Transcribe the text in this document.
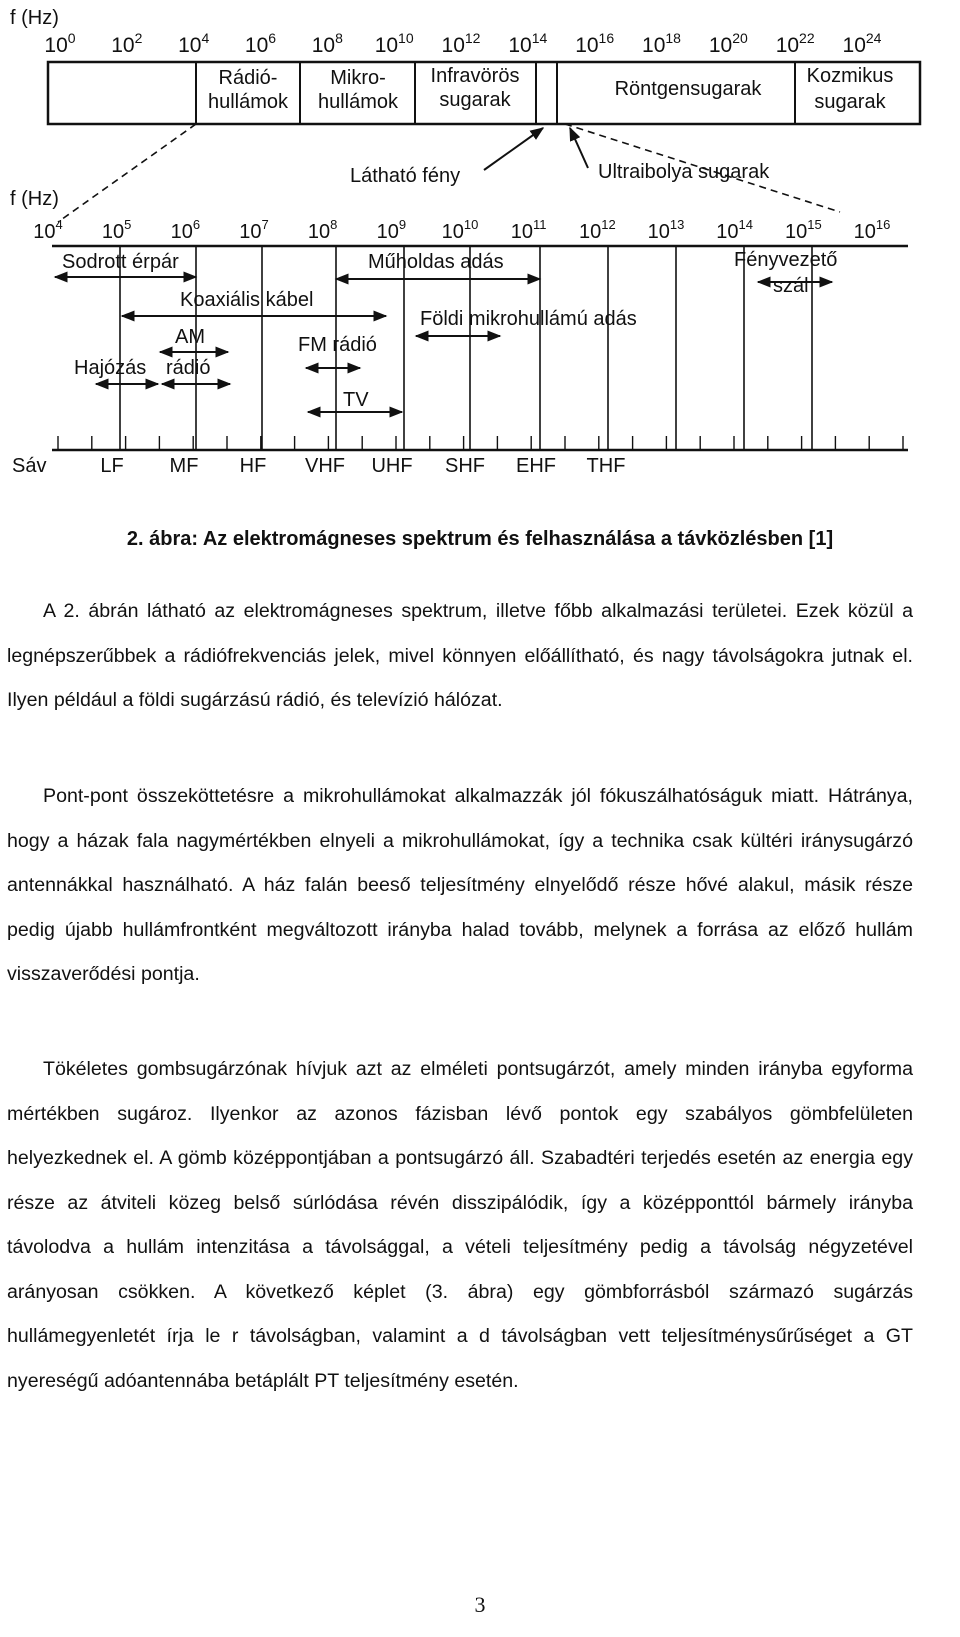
f (Hz)
$10^0$ $10^2$ $10^4$ $10^6$ $10^8$ $10^{10}$ $10^{12}$ $10^{14}$ $10^{16}$ $10^{18}$ $10^{20}$ $10^{22}$ $10^{24}$
Rádió-
hullámok
Mikro-
hullámok
Infravörös
sugarak	Röntgensugarak
Kozmikus
sugarak
Látható fény	Ultraibolya sugarak
f (Hz)
$10^4$ $10^5$ $10^6$ $10^7$ $10^8$ $10^9$ $10^{10}$ $10^{11}$ $10^{12}$ $10^{13}$ $10^{14}$ $10^{15}$ $10^{16}$
Sodrott érpár	Műholdas adás	Fényvezető
szál
Koaxiális kábel
Földi mikrohullámú adás
AM	FM rádió
Hajózás rádió
TV
Sáv	LF MF HF VHF UHF SHF EHF THF

2. ábra: Az elektromágneses spektrum és felhasználása a távközlésben [1]

A 2. ábrán látható az elektromágneses spektrum, illetve főbb alkalmazási területei. Ezek közül a legnépszerűbbek a rádiófrekvenciás jelek, mivel könnyen előállítható, és nagy távolságokra jutnak el. Ilyen például a földi sugárzású rádió, és televízió hálózat.

Pont-pont összeköttetésre a mikrohullámokat alkalmazzák jól fókuszálhatóságuk miatt. Hátránya, hogy a házak fala nagymértékben elnyeli a mikrohullámokat, így a technika csak kültéri iránysugárzó antennákkal használható. A ház falán beeső teljesítmény elnyelődő része hővé alakul, másik része pedig újabb hullámfrontként megváltozott irányba halad tovább, melynek a forrása az előző hullám visszaverődési pontja.

Tökéletes gombsugárzónak hívjuk azt az elméleti pontsugárzót, amely minden irányba egyforma mértékben sugároz. Ilyenkor az azonos fázisban lévő pontok egy szabályos gömbfelületen helyezkednek el. A gömb középpontjában a pontsugárzó áll. Szabadtéri terjedés esetén az energia egy része az átviteli közeg belső súrlódása révén disszipálódik, így a középponttól bármely irányba távolodva a hullám intenzitása a távolsággal, a vételi teljesítmény pedig a távolság négyzetével arányosan csökken. A következő képlet (3. ábra) egy gömbforrásból származó sugárzás hullámegyenletét írja le r távolságban, valamint a d távolságban vett teljesítménysűrűséget a GT nyereségű adóantennába betáplált PT teljesítmény esetén.

3
